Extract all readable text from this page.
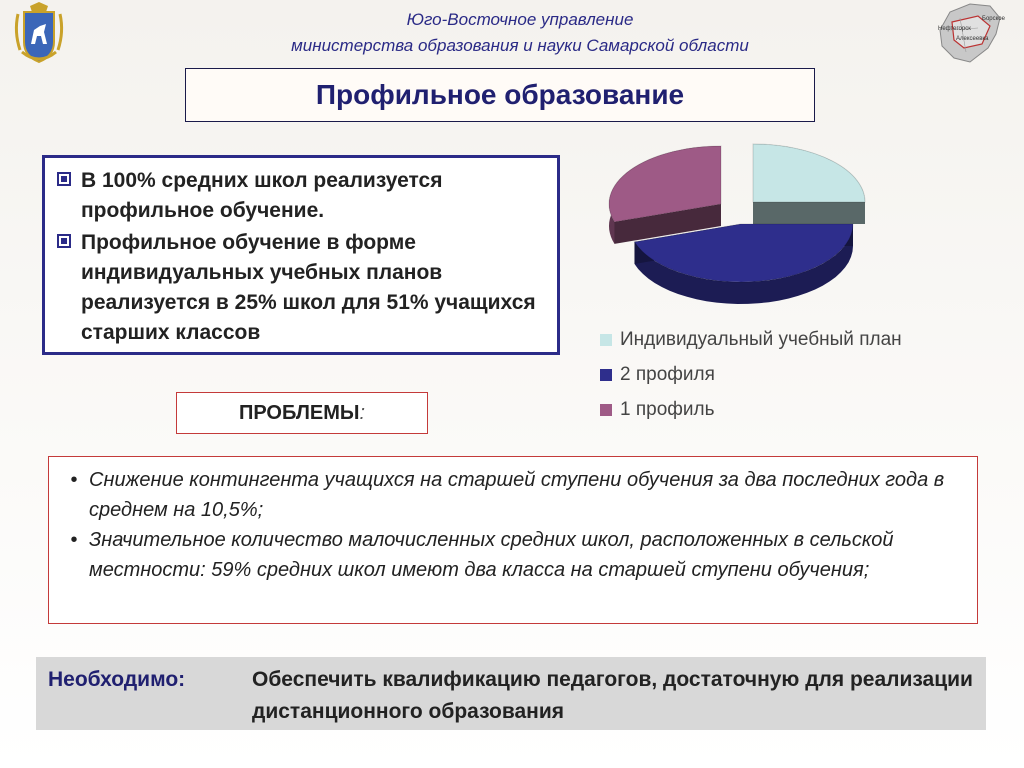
Юго-Восточное управление
министерства образования и науки Самарской области
Борское
Нефтегорск
Алексеевка
Профильное образование
В 100% средних школ реализуется профильное обучение.
Профильное обучение в форме индивидуальных учебных планов реализуется в 25% школ для 51% учащихся старших классов	Индивидуальный учебный план
2 профиля
1 профиль
ПРОБЛЕМЫ :
• Снижение контингента учащихся на старшей ступени обучения за два последних года в среднем на 10,5%;
• Значительное количество малочисленных средних школ, расположенных в сельской местности: 59% средних школ имеют два класса на старшей ступени обучения;
Необходимо:	Обеспечить квалификацию педагогов, достаточную для реализации дистанционного образования
